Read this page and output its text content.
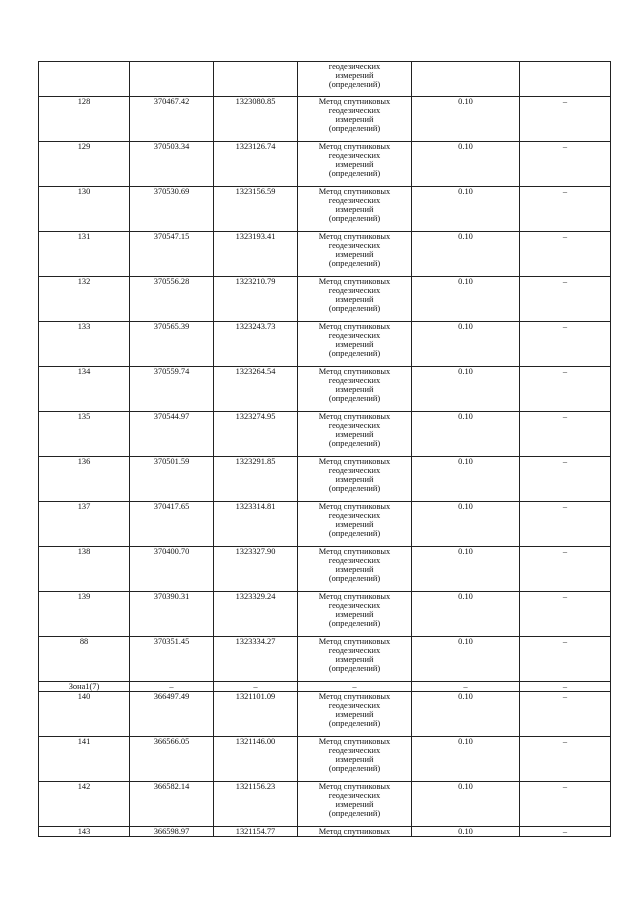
			геодезических
измерений
(определений)		
128	370467.42	1323080.85	Метод спутниковых
геодезических
измерений
(определений)	0.10	–
129	370503.34	1323126.74	Метод спутниковых
геодезических
измерений
(определений)	0.10	–
130	370530.69	1323156.59	Метод спутниковых
геодезических
измерений
(определений)	0.10	–
131	370547.15	1323193.41	Метод спутниковых
геодезических
измерений
(определений)	0.10	–
132	370556.28	1323210.79	Метод спутниковых
геодезических
измерений
(определений)	0.10	–
133	370565.39	1323243.73	Метод спутниковых
геодезических
измерений
(определений)	0.10	–
134	370559.74	1323264.54	Метод спутниковых
геодезических
измерений
(определений)	0.10	–
135	370544.97	1323274.95	Метод спутниковых
геодезических
измерений
(определений)	0.10	–
136	370501.59	1323291.85	Метод спутниковых
геодезических
измерений
(определений)	0.10	–
137	370417.65	1323314.81	Метод спутниковых
геодезических
измерений
(определений)	0.10	–
138	370400.70	1323327.90	Метод спутниковых
геодезических
измерений
(определений)	0.10	–
139	370390.31	1323329.24	Метод спутниковых
геодезических
измерений
(определений)	0.10	–
88	370351.45	1323334.27	Метод спутниковых
геодезических
измерений
(определений)	0.10	–
Зона1(7)	–	–	–	–	–
140	366497.49	1321101.09	Метод спутниковых
геодезических
измерений
(определений)	0.10	–
141	366566.05	1321146.00	Метод спутниковых
геодезических
измерений
(определений)	0.10	–
142	366582.14	1321156.23	Метод спутниковых
геодезических
измерений
(определений)	0.10	–
143	366598.97	1321154.77	Метод спутниковых	0.10	–
